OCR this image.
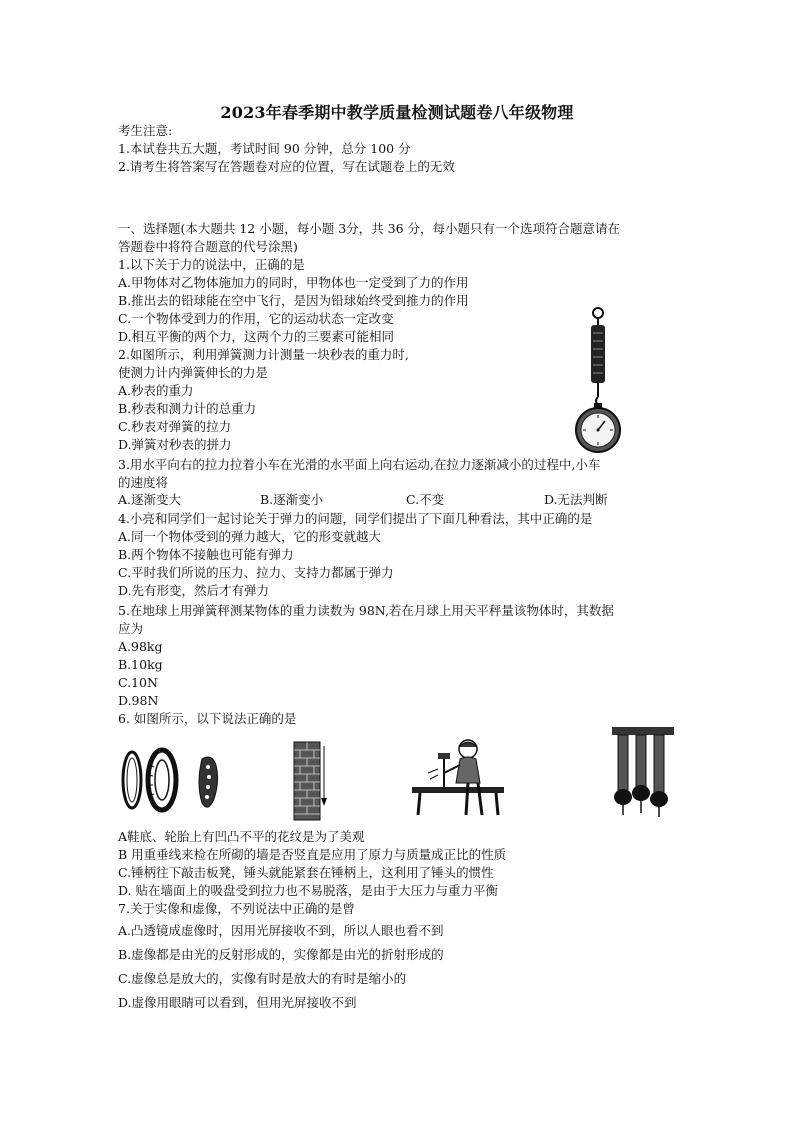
2023年春季期中教学质量检测试题卷八年级物理
考生注意:
1.本试卷共五大题，考试时间 90 分钟，总分 100 分
2.请考生将答案写在答题卷对应的位置，写在试题卷上的无效
一、选择题(本大题共 12 小题，每小题 3分，共 36 分，每小题只有一个选项符合题意请在
答题卷中将符合题意的代号涂黑)
1.以下关于力的说法中，正确的是
A.甲物体对乙物体施加力的同时，甲物体也一定受到了力的作用
B.推出去的铅球能在空中飞行，是因为铅球始终受到推力的作用
C.一个物体受到力的作用，它的运动状态一定改变
D.相互平衡的两个力，这两个力的三要素可能相同
2.如图所示，利用弹簧测力计测量一块秒表的重力时,
使测力计内弹簧伸长的力是
A.秒表的重力
B.秒表和测力计的总重力
C.秒表对弹簧的拉力
D.弹簧对秒表的拼力
3.用水平向右的拉力拉着小车在光滑的水平面上向右运动,在拉力逐渐减小的过程中,小车
的速度将
A.逐渐变大	B.逐渐变小	C.不变	D.无法判断
4.小亮和同学们一起讨论关于弹力的问题，同学们提出了下面几种看法，其中正确的是
A.同一个物体受到的弹力越大，它的形变就越大
B.两个物体不接触也可能有弹力
C.平时我们所说的压力、拉力、支持力都属于弹力
D.先有形变，然后才有弹力
5.在地球上用弹簧秤测某物体的重力读数为 98N,若在月球上用天平秤量该物体时，其数据
应为
A.98kg
B.10kg
C.10N
D.98N
6. 如图所示，以下说法正确的是
A鞋底、轮胎上有凹凸不平的花纹是为了美观
B 用重垂线来检在所砌的墙是否竖直是应用了原力与质量成正比的性质
C.锤柄往下敲击板凳，锤头就能紧套在锤柄上，这利用了锤头的惯性
D. 贴在墙面上的吸盘受到拉力也不易脱落，是由于大压力与重力平衡
7.关于实像和虚像，不列说法中正确的是曾
A.凸透镜成虚像时，因用光屏接收不到，所以人眼也看不到
B.虚像都是由光的反射形成的，实像都是由光的折射形成的
C.虚像总是放大的，实像有时是放大的有时是缩小的
D.虚像用眼睛可以看到，但用光屏接收不到
